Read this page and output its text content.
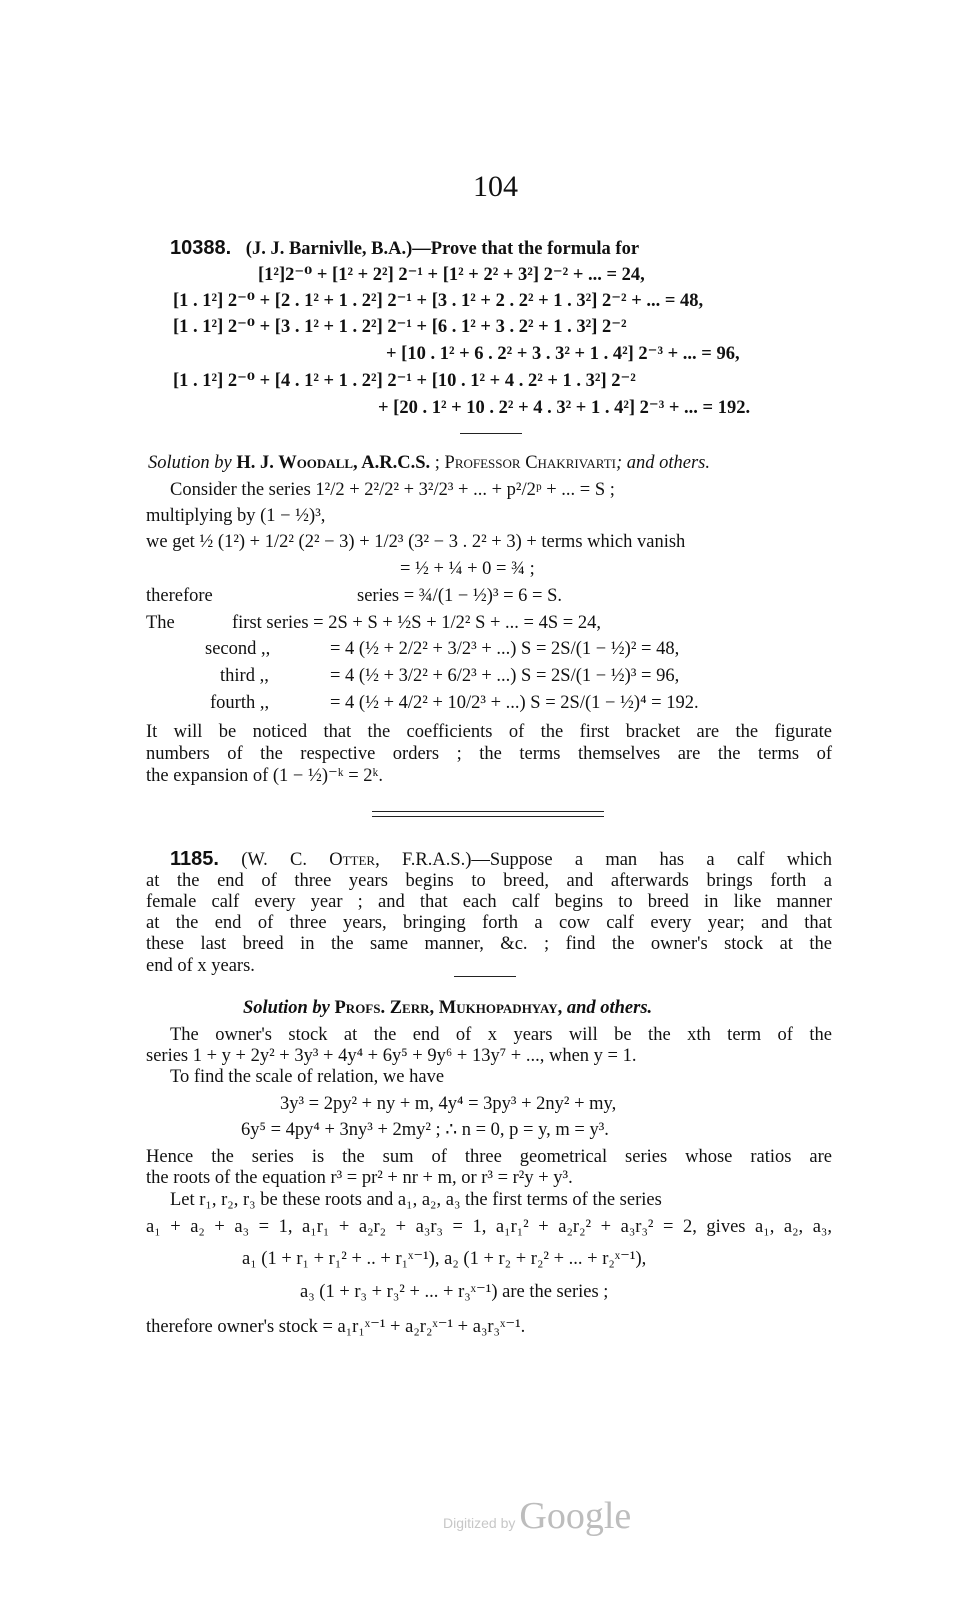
104
10388. (J. J. Barnivlle, B.A.)—Prove that the formula for
[1²]2⁻⁰ + [1² + 2²] 2⁻¹ + [1² + 2² + 3²] 2⁻² + ... = 24,
[1 . 1²] 2⁻⁰ + [2 . 1² + 1 . 2²] 2⁻¹ + [3 . 1² + 2 . 2² + 1 . 3²] 2⁻² + ... = 48,
[1 . 1²] 2⁻⁰ + [3 . 1² + 1 . 2²] 2⁻¹ + [6 . 1² + 3 . 2² + 1 . 3²] 2⁻²
+ [10 . 1² + 6 . 2² + 3 . 3² + 1 . 4²] 2⁻³ + ... = 96,
[1 . 1²] 2⁻⁰ + [4 . 1² + 1 . 2²] 2⁻¹ + [10 . 1² + 4 . 2² + 1 . 3²] 2⁻²
+ [20 . 1² + 10 . 2² + 4 . 3² + 1 . 4²] 2⁻³ + ... = 192.
Solution by H. J. Woodall, A.R.C.S. ; Professor Chakrivarti; and others.
Consider the series 1²/2 + 2²/2² + 3²/2³ + ... + p²/2ᵖ + ... = S ;
multiplying by (1 − ½)³,
we get ½ (1²) + 1/2² (2² − 3) + 1/2³ (3² − 3 . 2² + 3) + terms which vanish
= ½ + ¼ + 0 = ¾ ;
therefore	series = ¾/(1 − ½)³ = 6 = S.
The	first series = 2S + S + ½S + 1/2² S + ... = 4S = 24,
second ,,	= 4 (½ + 2/2² + 3/2³ + ...) S = 2S/(1 − ½)² = 48,
third ,,	= 4 (½ + 3/2² + 6/2³ + ...) S = 2S/(1 − ½)³ = 96,
fourth ,,	= 4 (½ + 4/2² + 10/2³ + ...) S = 2S/(1 − ½)⁴ = 192.
It will be noticed that the coefficients of the first bracket are the figurate
numbers of the respective orders ; the terms themselves are the terms of
the expansion of (1 − ½)⁻ᵏ = 2ᵏ.
1185. (W. C. Otter, F.R.A.S.)—Suppose a man has a calf which
at the end of three years begins to breed, and afterwards brings forth a
female calf every year ; and that each calf begins to breed in like manner
at the end of three years, bringing forth a cow calf every year; and that
these last breed in the same manner, &c. ; find the owner's stock at the
end of x years.
Solution by Profs. Zerr, Mukhopadhyay, and others.
The owner's stock at the end of x years will be the xth term of the
series 1 + y + 2y² + 3y³ + 4y⁴ + 6y⁵ + 9y⁶ + 13y⁷ + ..., when y = 1.
To find the scale of relation, we have
3y³ = 2py² + ny + m, 4y⁴ = 3py³ + 2ny² + my,
6y⁵ = 4py⁴ + 3ny³ + 2my² ; ∴ n = 0, p = y, m = y³.
Hence the series is the sum of three geometrical series whose ratios are
the roots of the equation r³ = pr² + nr + m, or r³ = r²y + y³.
Let r₁, r₂, r₃ be these roots and a₁, a₂, a₃ the first terms of the series
a₁ + a₂ + a₃ = 1, a₁r₁ + a₂r₂ + a₃r₃ = 1, a₁r₁² + a₂r₂² + a₃r₃² = 2, gives a₁, a₂, a₃,
a₁ (1 + r₁ + r₁² + .. + r₁ˣ⁻¹), a₂ (1 + r₂ + r₂² + ... + r₂ˣ⁻¹),
a₃ (1 + r₃ + r₃² + ... + r₃ˣ⁻¹) are the series ;
therefore owner's stock = a₁r₁ˣ⁻¹ + a₂r₂ˣ⁻¹ + a₃r₃ˣ⁻¹.
Digitized by Google
